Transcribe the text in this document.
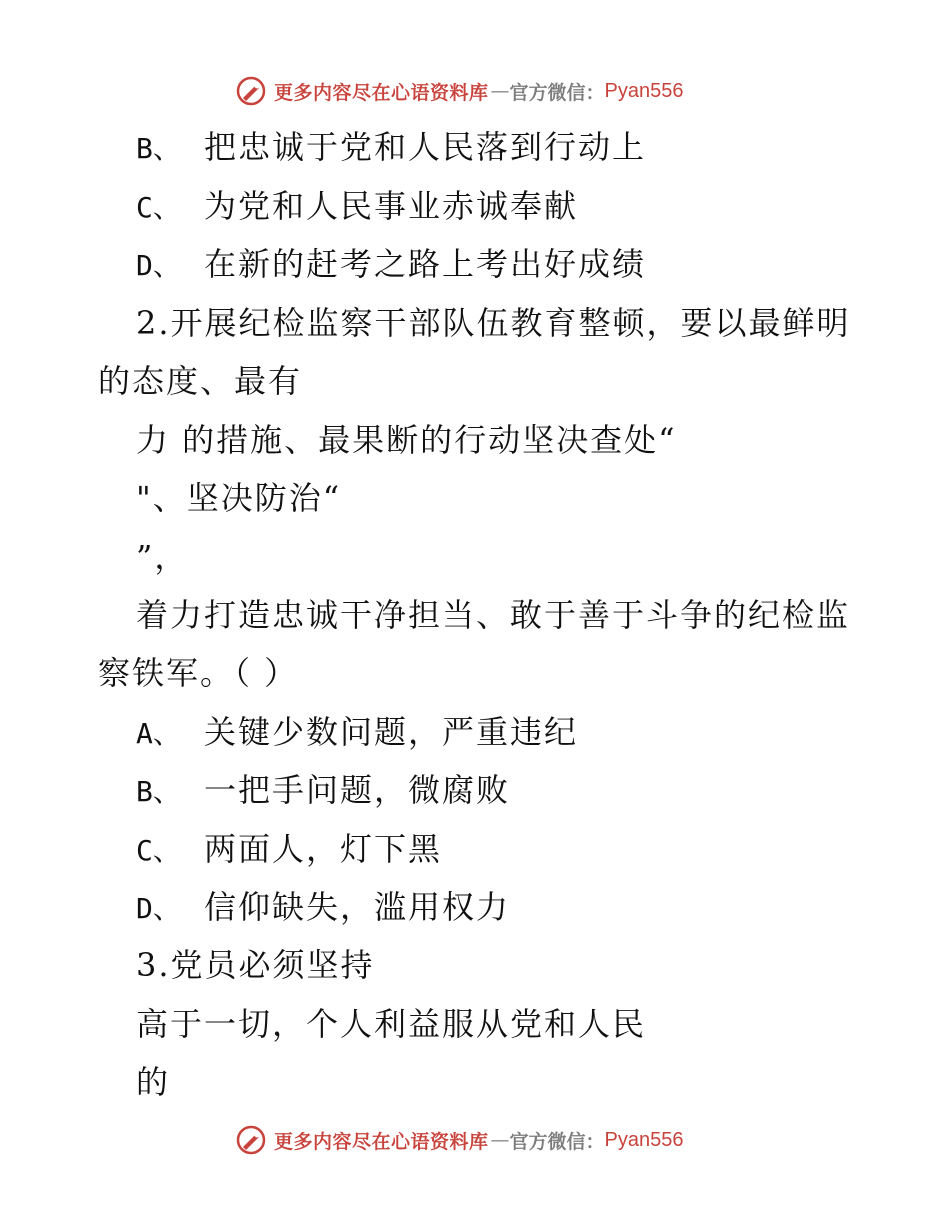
更多内容尽在心语资料库 — 官方微信： Pyan556
B、 把忠诚于党和人民落到行动上
C、 为党和人民事业赤诚奉献
D、 在新的赶考之路上考出好成绩
2.开展纪检监察干部队伍教育整顿，要以最鲜明
的态度、最有
力 的措施、最果断的行动坚决查处“
"、坚决防治“
”，
着力打造忠诚干净担当、敢于善于斗争的纪检监
察铁军。（ ）
A、 关键少数问题，严重违纪
B、 一把手问题，微腐败
C、 两面人，灯下黑
D、 信仰缺失，滥用权力
3.党员必须坚持
高于一切，个人利益服从党和人民
的
更多内容尽在心语资料库 — 官方微信： Pyan556
